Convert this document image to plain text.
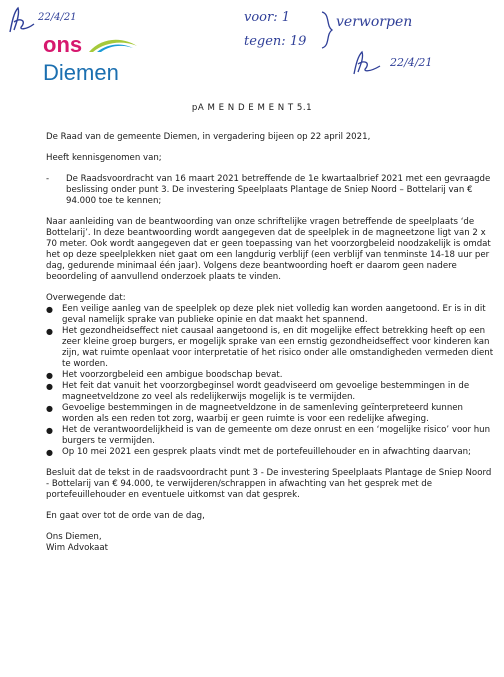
22/4/21	voor: 1
tegen: 19
verworpen
22/4/21
ons
Diemen
pA M E N D E M E N T 5.1

De Raad van de gemeente Diemen, in vergadering bijeen op 22 april 2021,

Heeft kennisgenomen van;

-	De Raadsvoordracht van 16 maart 2021 betreffende de 1e kwartaalbrief 2021 met een gevraagde beslissing onder punt 3. De investering Speelplaats Plantage de Sniep Noord – Bottelarij van € 94.000 toe te kennen;

Naar aanleiding van de beantwoording van onze schriftelijke vragen betreffende de speelplaats ‘de Bottelarij’. In deze beantwoording wordt aangegeven dat de speelplek in de magneetzone ligt van 2 x 70 meter. Ook wordt aangegeven dat er geen toepassing van het voorzorgbeleid noodzakelijk is omdat het op deze speelplekken niet gaat om een langdurig verblijf (een verblijf van tenminste 14-18 uur per dag, gedurende minimaal één jaar). Volgens deze beantwoording hoeft er daarom geen nadere beoordeling of aanvullend onderzoek plaats te vinden.

Overwegende dat:

●	Een veilige aanleg van de speelplek op deze plek niet volledig kan worden aangetoond. Er is in dit geval namelijk sprake van publieke opinie en dat maakt het spannend.
●	Het gezondheidseffect niet causaal aangetoond is, en dit mogelijke effect betrekking heeft op een zeer kleine groep burgers, er mogelijk sprake van een ernstig gezondheidseffect voor kinderen kan zijn, wat ruimte openlaat voor interpretatie of het risico onder alle omstandigheden vermeden dient te worden.
●	Het voorzorgbeleid een ambigue boodschap bevat.
●	Het feit dat vanuit het voorzorgbeginsel wordt geadviseerd om gevoelige bestemmingen in de magneetveldzone zo veel als redelijkerwijs mogelijk is te vermijden.
●	Gevoelige bestemmingen in de magneetveldzone in de samenleving geïnterpreteerd kunnen worden als een reden tot zorg, waarbij er geen ruimte is voor een redelijke afweging.
●	Het de verantwoordelijkheid is van de gemeente om deze onrust en een ‘mogelijke risico’ voor hun burgers te vermijden.
●	Op 10 mei 2021 een gesprek plaats vindt met de portefeuillehouder en in afwachting daarvan;

Besluit dat de tekst in de raadsvoordracht punt 3 - De investering Speelplaats Plantage de Sniep Noord - Bottelarij van € 94.000, te verwijderen/schrappen in afwachting van het gesprek met de portefeuillehouder en eventuele uitkomst van dat gesprek.

En gaat over tot de orde van de dag,

Ons Diemen,

Wim Advokaat
